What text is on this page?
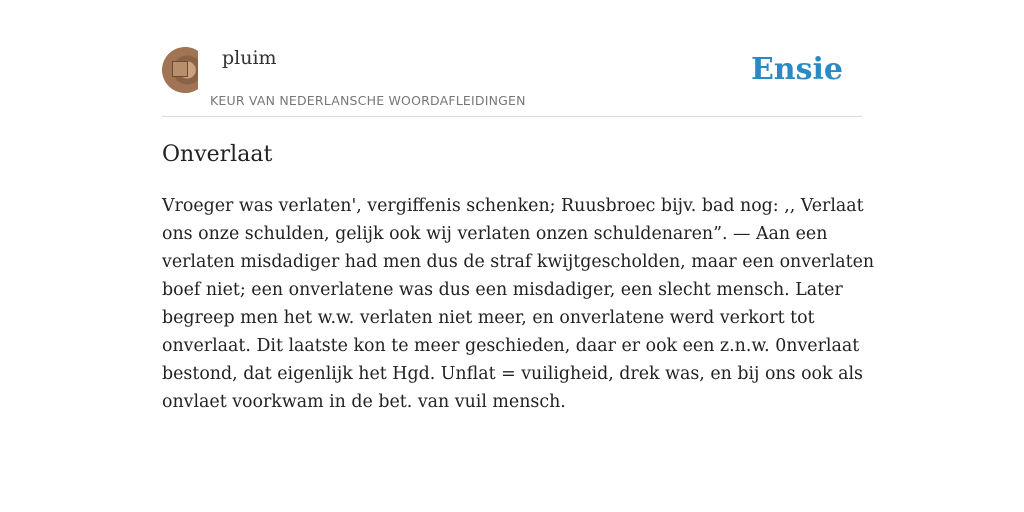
pluim
KEUR VAN NEDERLANSCHE WOORDAFLEIDINGEN
Ensie
Onverlaat

Vroeger was verlaten', vergiffenis schenken; Ruusbroec bijv. bad nog: ,, Verlaat
ons onze schulden, gelijk ook wij verlaten onzen schuldenaren”. — Aan een
verlaten misdadiger had men dus de straf kwijtgescholden, maar een onverlaten
boef niet; een onverlatene was dus een misdadiger, een slecht mensch. Later
begreep men het w.w. verlaten niet meer, en onverlatene werd verkort tot
onverlaat. Dit laatste kon te meer geschieden, daar er ook een z.n.w. 0nverlaat
bestond, dat eigenlijk het Hgd. Unflat = vuiligheid, drek was, en bij ons ook als
onvlaet voorkwam in de bet. van vuil mensch.
